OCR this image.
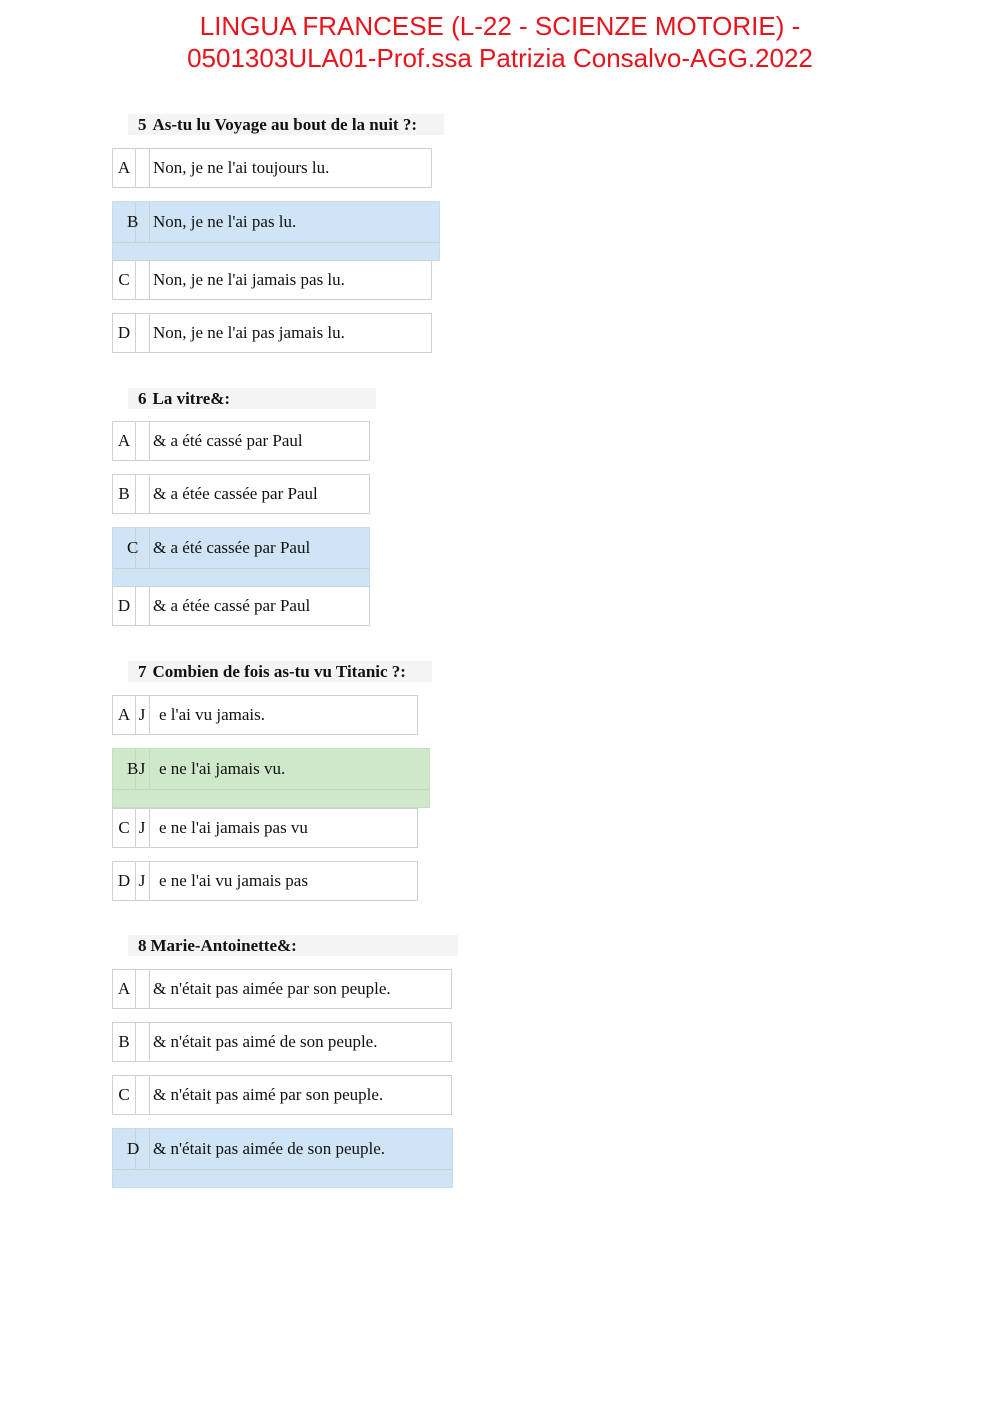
LINGUA FRANCESE (L-22 - SCIENZE MOTORIE) -
0501303ULA01-Prof.ssa Patrizia Consalvo-AGG.2022
5 As-tu lu Voyage au bout de la nuit ?:
A	Non, je ne l'ai toujours lu.
B Non, je ne l'ai pas lu.
C	Non, je ne l'ai jamais pas lu.
D	Non, je ne l'ai pas jamais lu.
6 La vitre&:
A	& a été cassé par Paul
B	& a étée cassée par Paul
C & a été cassée par Paul
D	& a étée cassé par Paul
7 Combien de fois as-tu vu Titanic ?:
A J e l'ai vu jamais.
B J e ne l'ai jamais vu.
C J e ne l'ai jamais pas vu
D J e ne l'ai vu jamais pas
8 Marie-Antoinette&:
A	& n'était pas aimée par son peuple.
B	& n'était pas aimé de son peuple.
C	& n'était pas aimé par son peuple.
D & n'était pas aimée de son peuple.
